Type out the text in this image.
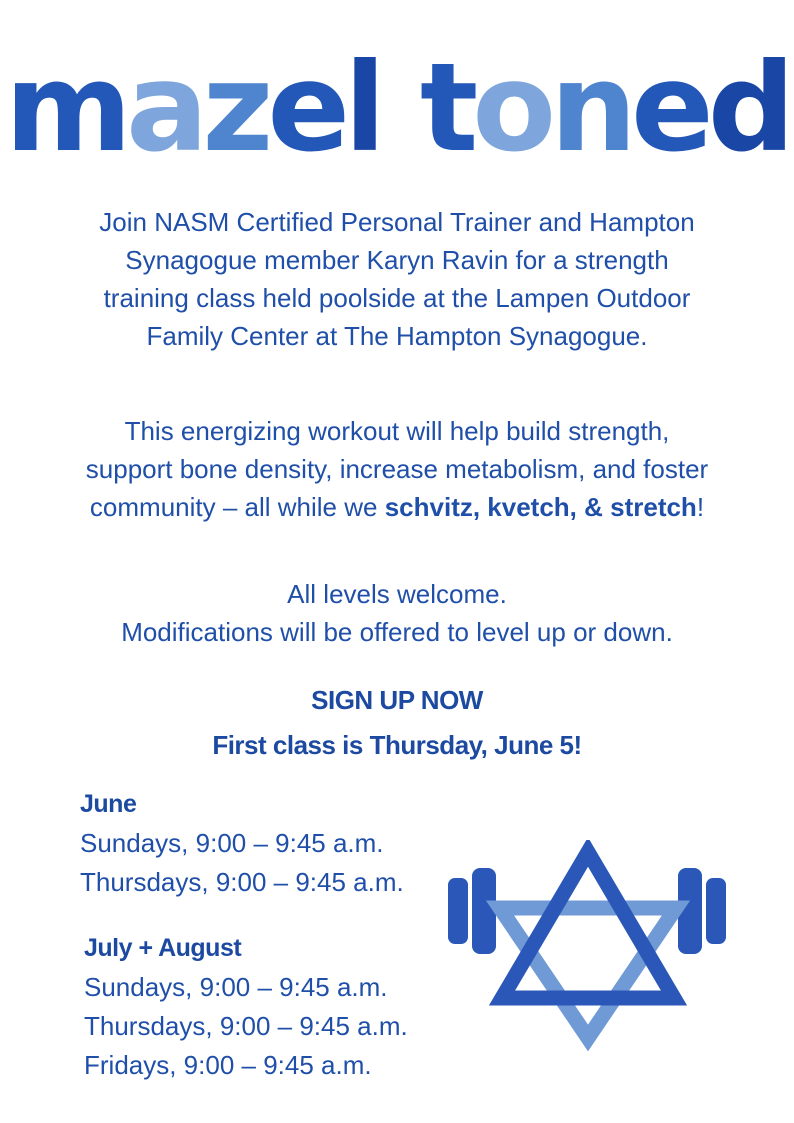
mazel toned
Join NASM Certified Personal Trainer and Hampton
Synagogue member Karyn Ravin for a strength
training class held poolside at the Lampen Outdoor
Family Center at The Hampton Synagogue.
This energizing workout will help build strength,
support bone density, increase metabolism, and foster
community – all while we schvitz, kvetch, & stretch!
All levels welcome.
Modifications will be offered to level up or down.
SIGN UP NOW
First class is Thursday, June 5!
June
Sundays, 9:00 – 9:45 a.m.
Thursdays, 9:00 – 9:45 a.m.
July + August
Sundays, 9:00 – 9:45 a.m.
Thursdays, 9:00 – 9:45 a.m.
Fridays, 9:00 – 9:45 a.m.
